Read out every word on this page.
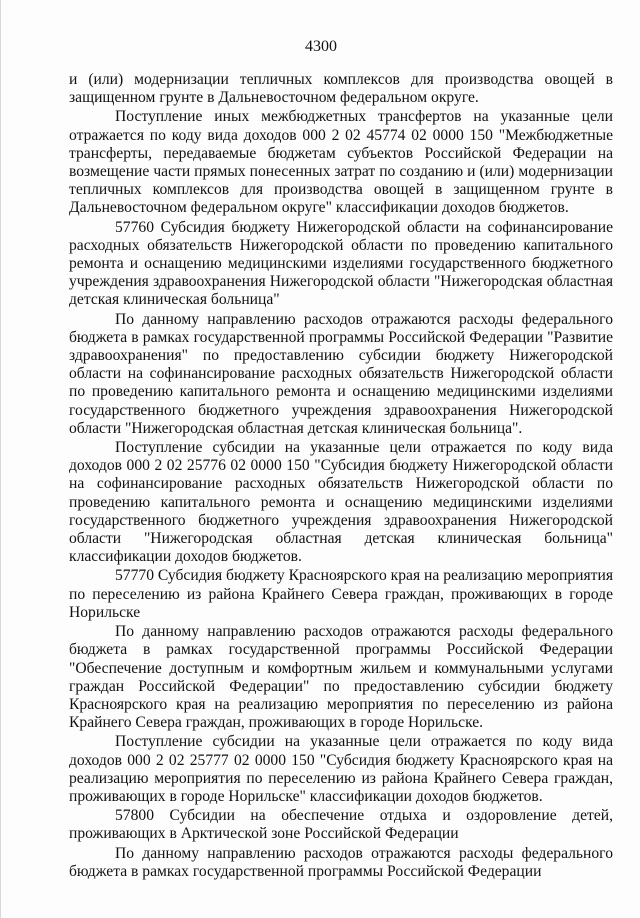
4300

и (или) модернизации тепличных комплексов для производства овощей в защищенном грунте в Дальневосточном федеральном округе.

Поступление иных межбюджетных трансфертов на указанные цели отражается по коду вида доходов 000 2 02 45774 02 0000 150 "Межбюджетные трансферты, передаваемые бюджетам субъектов Российской Федерации на возмещение части прямых понесенных затрат по созданию и (или) модернизации тепличных комплексов для производства овощей в защищенном грунте в Дальневосточном федеральном округе" классификации доходов бюджетов.

57760 Субсидия бюджету Нижегородской области на софинансирование расходных обязательств Нижегородской области по проведению капитального ремонта и оснащению медицинскими изделиями государственного бюджетного учреждения здравоохранения Нижегородской области "Нижегородская областная детская клиническая больница"

По данному направлению расходов отражаются расходы федерального бюджета в рамках государственной программы Российской Федерации "Развитие здравоохранения" по предоставлению субсидии бюджету Нижегородской области на софинансирование расходных обязательств Нижегородской области по проведению капитального ремонта и оснащению медицинскими изделиями государственного бюджетного учреждения здравоохранения Нижегородской области "Нижегородская областная детская клиническая больница".

Поступление субсидии на указанные цели отражается по коду вида доходов 000 2 02 25776 02 0000 150 "Субсидия бюджету Нижегородской области на софинансирование расходных обязательств Нижегородской области по проведению капитального ремонта и оснащению медицинскими изделиями государственного бюджетного учреждения здравоохранения Нижегородской области "Нижегородская областная детская клиническая больница" классификации доходов бюджетов.

57770 Субсидия бюджету Красноярского края на реализацию мероприятия по переселению из района Крайнего Севера граждан, проживающих в городе Норильске

По данному направлению расходов отражаются расходы федерального бюджета в рамках государственной программы Российской Федерации "Обеспечение доступным и комфортным жильем и коммунальными услугами граждан Российской Федерации" по предоставлению субсидии бюджету Красноярского края на реализацию мероприятия по переселению из района Крайнего Севера граждан, проживающих в городе Норильске.

Поступление субсидии на указанные цели отражается по коду вида доходов 000 2 02 25777 02 0000 150 "Субсидия бюджету Красноярского края на реализацию мероприятия по переселению из района Крайнего Севера граждан, проживающих в городе Норильске" классификации доходов бюджетов.

57800 Субсидии на обеспечение отдыха и оздоровление детей, проживающих в Арктической зоне Российской Федерации

По данному направлению расходов отражаются расходы федерального бюджета в рамках государственной программы Российской Федерации
